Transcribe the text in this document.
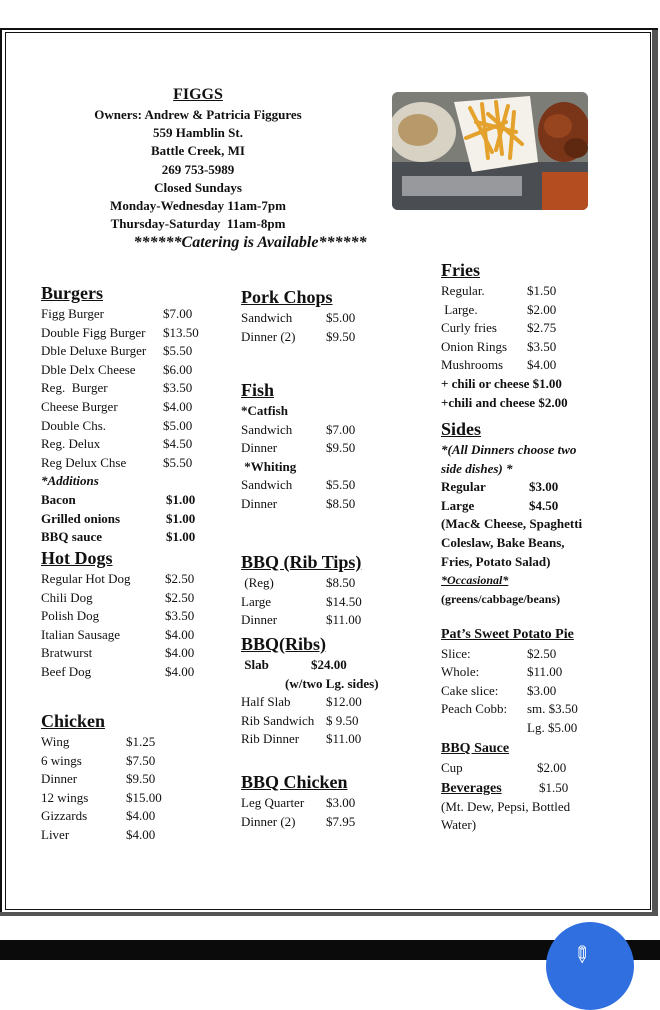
FIGGS
Owners: Andrew & Patricia Figgures
559 Hamblin St.
Battle Creek, MI
269 753-5989
Closed Sundays
Monday-Wednesday 11am-7pm
Thursday-Saturday  11am-8pm
******Catering is Available******
Burgers
Figg Burger	$7.00
Double Figg Burger $13.50
Dble Deluxe Burger $5.50
Dble Delx Cheese $6.00
Reg.  Burger	$3.50
Cheese Burger	$4.00
Double Chs.	$5.00
Reg. Delux	$4.50
Reg Delux Chse	$5.50
*Additions
Bacon	$1.00
Grilled onions	$1.00
BBQ sauce	$1.00
Hot Dogs
Regular Hot Dog	$2.50
Chili Dog	$2.50
Polish Dog	$3.50
Italian Sausage	$4.00
Bratwurst	$4.00
Beef Dog	$4.00
Chicken
Wing	$1.25
6 wings	$7.50
Dinner	$9.50
12 wings	$15.00
Gizzards	$4.00
Liver	$4.00
Pork Chops
Sandwich	$5.00
Dinner (2) $9.50
Fish
*Catfish
Sandwich	$7.00
Dinner	$9.50
*Whiting
Sandwich	$5.50
Dinner	$8.50
BBQ (Rib Tips)
(Reg)	$8.50
Large	$14.50
Dinner	$11.00
BBQ(Ribs)
Slab	$24.00
(w/two Lg. sides)
Half Slab	$12.00
Rib Sandwich $ 9.50
Rib Dinner $11.00
BBQ Chicken
Leg Quarter $3.00
Dinner (2) $7.95
Fries
Regular.	$1.50
Large.	$2.00
Curly fries $2.75
Onion Rings $3.50
Mushrooms $4.00
+ chili or cheese $1.00
+chili and cheese $2.00
Sides
*(All Dinners choose two
side dishes) *
Regular	$3.00
Large	$4.50
(Mac& Cheese, Spaghetti
Coleslaw, Bake Beans,
Fries, Potato Salad)
*Occasional*
(greens/cabbage/beans)
Pat’s Sweet Potato Pie
Slice:	$2.50
Whole:	$11.00
Cake slice: $3.00
Peach Cobb: sm. $3.50
Lg. $5.00
BBQ Sauce
Cup	$2.00
Beverages	$1.50
(Mt. Dew, Pepsi, Bottled
Water)
✎
